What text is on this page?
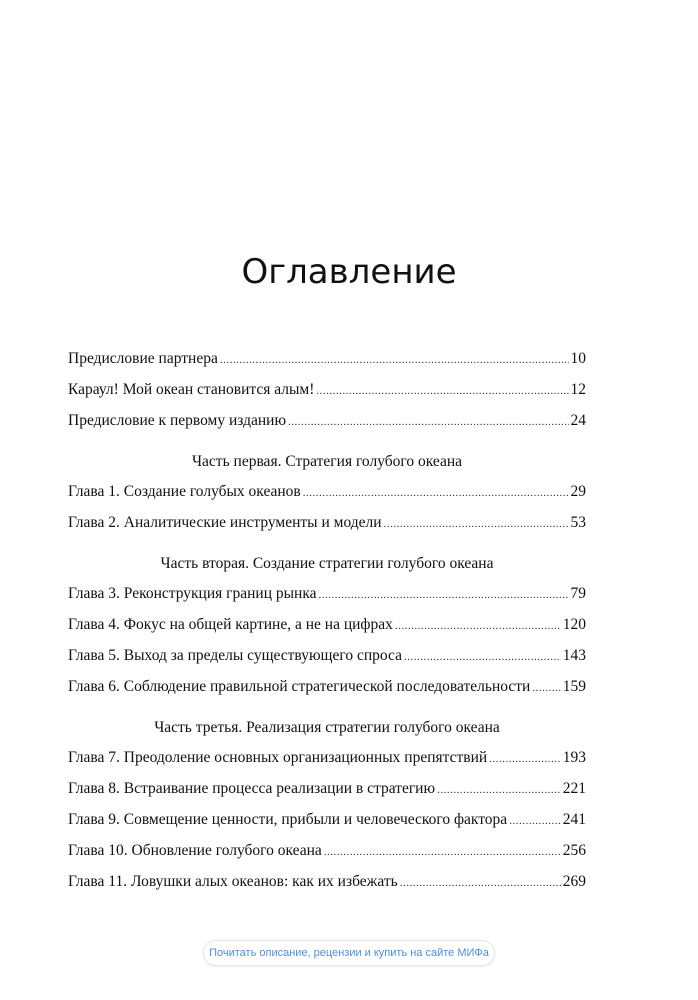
Оглавление
Предисловие партнера .....	10
Караул! Мой океан становится алым! .....	12
Предисловие к первому изданию .....	24
Часть первая. Стратегия голубого океана
Глава 1. Создание голубых океанов .....	29
Глава 2. Аналитические инструменты и модели .....	53
Часть вторая. Создание стратегии голубого океана
Глава 3. Реконструкция границ рынка .....	79
Глава 4. Фокус на общей картине, а не на цифрах .....	120
Глава 5. Выход за пределы существующего спроса .....	143
Глава 6. Соблюдение правильной стратегической последовательности ..... 159
Часть третья. Реализация стратегии голубого океана
Глава 7. Преодоление основных организационных препятствий .....	193
Глава 8. Встраивание процесса реализации в стратегию .....	221
Глава 9. Совмещение ценности, прибыли и человеческого фактора .....	241
Глава 10. Обновление голубого океана .....	256
Глава 11. Ловушки алых океанов: как их избежать .....	269
Почитать описание, рецензии и купить на сайте МИФа
